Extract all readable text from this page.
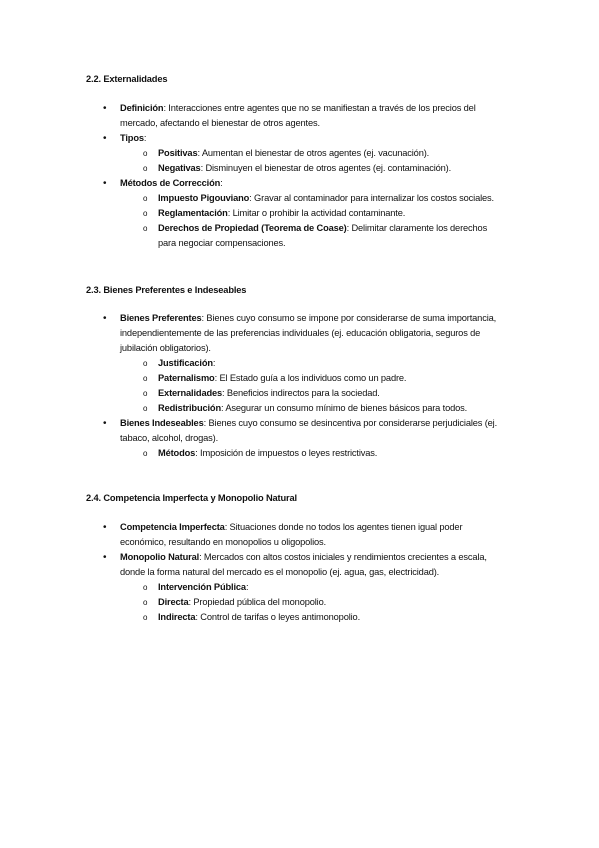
2.2. Externalidades
• Definición: Interacciones entre agentes que no se manifiestan a través de los precios del mercado, afectando el bienestar de otros agentes.
• Tipos:
o Positivas: Aumentan el bienestar de otros agentes (ej. vacunación).
o Negativas: Disminuyen el bienestar de otros agentes (ej. contaminación).
• Métodos de Corrección:
o Impuesto Pigouviano: Gravar al contaminador para internalizar los costos sociales.
o Reglamentación: Limitar o prohibir la actividad contaminante.
o Derechos de Propiedad (Teorema de Coase): Delimitar claramente los derechos para negociar compensaciones.
2.3. Bienes Preferentes e Indeseables
• Bienes Preferentes: Bienes cuyo consumo se impone por considerarse de suma importancia, independientemente de las preferencias individuales (ej. educación obligatoria, seguros de jubilación obligatorios).
o Justificación:
o Paternalismo: El Estado guía a los individuos como un padre.
o Externalidades: Beneficios indirectos para la sociedad.
o Redistribución: Asegurar un consumo mínimo de bienes básicos para todos.
• Bienes Indeseables: Bienes cuyo consumo se desincentiva por considerarse perjudiciales (ej. tabaco, alcohol, drogas).
o Métodos: Imposición de impuestos o leyes restrictivas.
2.4. Competencia Imperfecta y Monopolio Natural
• Competencia Imperfecta: Situaciones donde no todos los agentes tienen igual poder económico, resultando en monopolios u oligopolios.
• Monopolio Natural: Mercados con altos costos iniciales y rendimientos crecientes a escala, donde la forma natural del mercado es el monopolio (ej. agua, gas, electricidad).
o Intervención Pública:
o Directa: Propiedad pública del monopolio.
o Indirecta: Control de tarifas o leyes antimonopolio.
